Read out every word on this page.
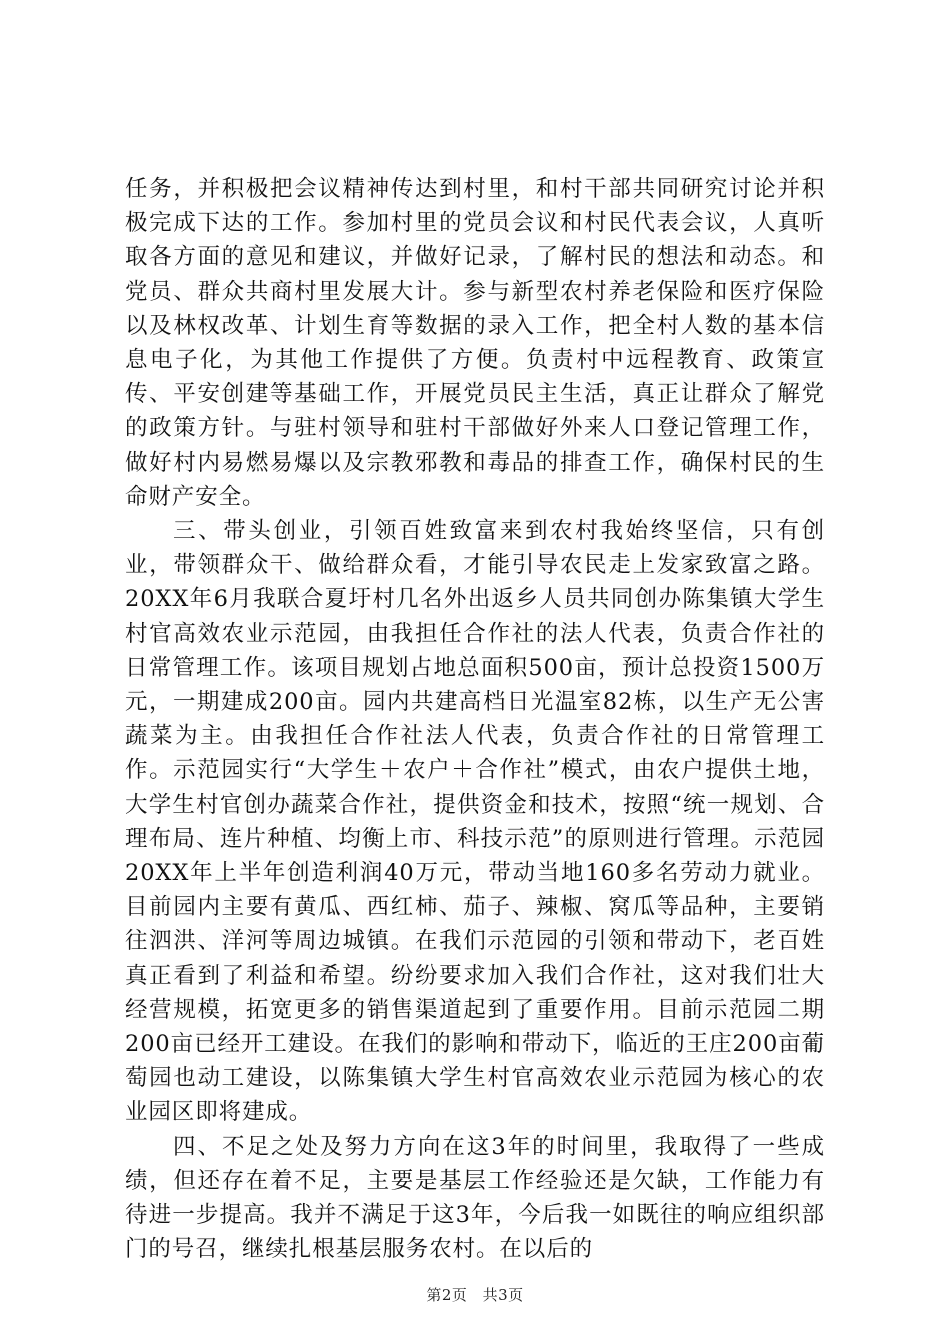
任务，并积极把会议精神传达到村里，和村干部共同研究讨论并积极完成下达的工作。参加村里的党员会议和村民代表会议，人真听取各方面的意见和建议，并做好记录，了解村民的想法和动态。和党员、群众共商村里发展大计。参与新型农村养老保险和医疗保险以及林权改革、计划生育等数据的录入工作，把全村人数的基本信息电子化，为其他工作提供了方便。负责村中远程教育、政策宣传、平安创建等基础工作，开展党员民主生活，真正让群众了解党的政策方针。与驻村领导和驻村干部做好外来人口登记管理工作，做好村内易燃易爆以及宗教邪教和毒品的排查工作，确保村民的生命财产安全。

三、带头创业，引领百姓致富来到农村我始终坚信，只有创业，带领群众干、做给群众看，才能引导农民走上发家致富之路。20XX年6月我联合夏圩村几名外出返乡人员共同创办陈集镇大学生村官高效农业示范园，由我担任合作社的法人代表，负责合作社的日常管理工作。该项目规划占地总面积500亩，预计总投资1500万元，一期建成200亩。园内共建高档日光温室82栋，以生产无公害蔬菜为主。由我担任合作社法人代表，负责合作社的日常管理工作。示范园实行“大学生＋农户＋合作社”模式，由农户提供土地，大学生村官创办蔬菜合作社，提供资金和技术，按照“统一规划、合理布局、连片种植、均衡上市、科技示范”的原则进行管理。示范园20XX年上半年创造利润40万元，带动当地160多名劳动力就业。目前园内主要有黄瓜、西红柿、茄子、辣椒、窝瓜等品种，主要销往泗洪、洋河等周边城镇。在我们示范园的引领和带动下，老百姓真正看到了利益和希望。纷纷要求加入我们合作社，这对我们壮大经营规模，拓宽更多的销售渠道起到了重要作用。目前示范园二期200亩已经开工建设。在我们的影响和带动下，临近的王庄200亩葡萄园也动工建设，以陈集镇大学生村官高效农业示范园为核心的农业园区即将建成。

四、不足之处及努力方向在这3年的时间里，我取得了一些成绩，但还存在着不足，主要是基层工作经验还是欠缺，工作能力有待进一步提高。我并不满足于这3年，今后我一如既往的响应组织部门的号召，继续扎根基层服务农村。在以后的

第2页 共3页
